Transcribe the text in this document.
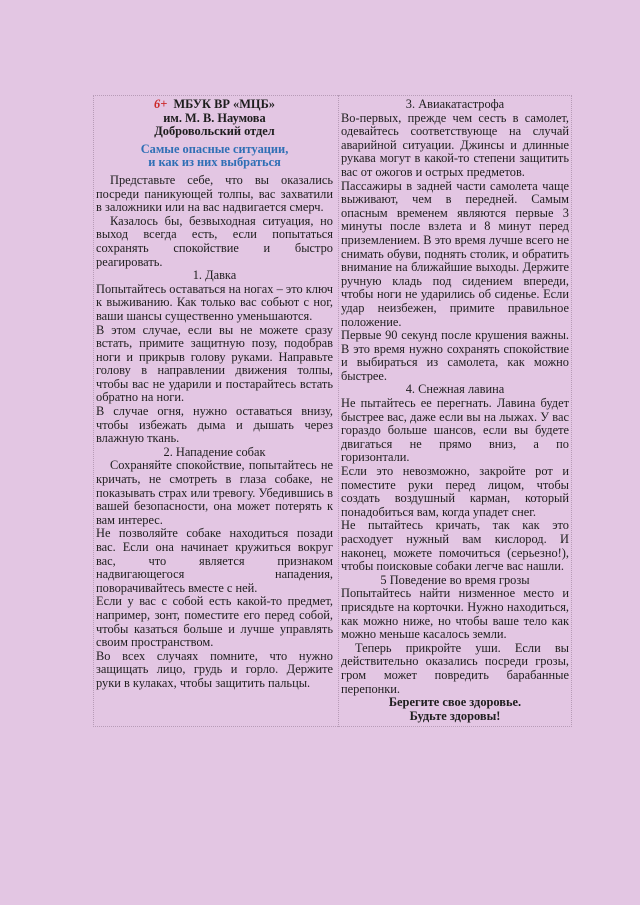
6+ МБУК ВР «МЦБ»

им. М. В. Наумова

Добровольский отдел

Самые опасные ситуации,
и как из них выбраться

Представьте себе, что вы оказались посреди паникующей толпы, вас захватили в заложники или на вас надвигается смерч.

Казалось бы, безвыходная ситуация, но выход всегда есть, если попытаться сохранять спокойствие и быстро реагировать.

1. Давка

Попытайтесь оставаться на ногах – это ключ к выживанию. Как только вас собьют с ног, ваши шансы существенно уменьшаются.

В этом случае, если вы не можете сразу встать, примите защитную позу, подобрав ноги и прикрыв голову руками. Направьте голову в направлении движения толпы, чтобы вас не ударили и постарайтесь встать обратно на ноги.

В случае огня, нужно оставаться внизу, чтобы избежать дыма и дышать через влажную ткань.

2. Нападение собак

Сохраняйте спокойствие, попытайтесь не кричать, не смотреть в глаза собаке, не показывать страх или тревогу. Убедившись в вашей безопасности, она может потерять к вам интерес.

Не позволяйте собаке находиться позади вас. Если она начинает кружиться вокруг вас, что является признаком надвигающегося нападения, поворачивайтесь вместе с ней.

Если у вас с собой есть какой-то предмет, например, зонт, поместите его перед собой, чтобы казаться больше и лучше управлять своим пространством.

Во всех случаях помните, что нужно защищать лицо, грудь и горло. Держите руки в кулаках, чтобы защитить пальцы.

3. Авиакатастрофа

Во-первых, прежде чем сесть в самолет, одевайтесь соответствующе на случай аварийной ситуации. Джинсы и длинные рукава могут в какой-то степени защитить вас от ожогов и острых предметов.

Пассажиры в задней части самолета чаще выживают, чем в передней. Самым опасным временем являются первые 3 минуты после взлета и 8 минут перед приземлением. В это время лучше всего не снимать обуви, поднять столик, и обратить внимание на ближайшие выходы. Держите ручную кладь под сидением впереди, чтобы ноги не ударились об сиденье. Если удар неизбежен, примите правильное положение.

Первые 90 секунд после крушения важны. В это время нужно сохранять спокойствие и выбираться из самолета, как можно быстрее.

4. Снежная лавина

Не пытайтесь ее перегнать. Лавина будет быстрее вас, даже если вы на лыжах. У вас гораздо больше шансов, если вы будете двигаться не прямо вниз, а по горизонтали.

Если это невозможно, закройте рот и поместите руки перед лицом, чтобы создать воздушный карман, который понадобиться вам, когда упадет снег.

Не пытайтесь кричать, так как это расходует нужный вам кислород. И наконец, можете помочиться (серьезно!), чтобы поисковые собаки легче вас нашли.

5 Поведение во время грозы

Попытайтесь найти низменное место и присядьте на корточки. Нужно находиться, как можно ниже, но чтобы ваше тело как можно меньше касалось земли.

Теперь прикройте уши. Если вы действительно оказались посреди грозы, гром может повредить барабанные перепонки.

Берегите свое здоровье.

Будьте здоровы!
